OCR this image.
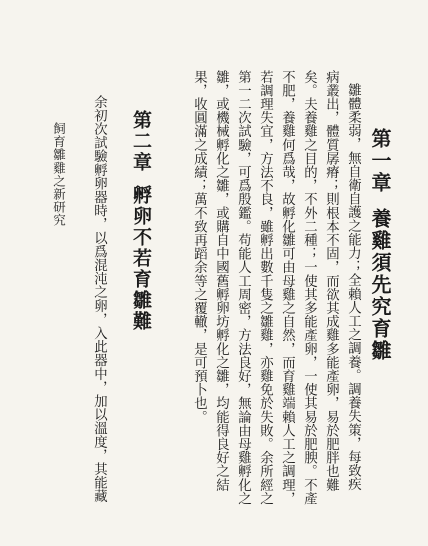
第一章養雞須先究育雛
雛體柔弱，無自衛自護之能力；全賴人工之調養。調養失策，每致疾
病叢出，體質孱瘠；則根本不固，而欲其成雞多能產卵，易於肥胖也難
矣。夫養雞之目的，不外二種；一使其多能產卵，一使其易於肥腴。不產
不肥，養雞何爲哉，故孵化雛可由母雞之自然，而育雞端賴人工之調理，
若調理失宜，方法不良，雖孵出數千隻之雛雞，亦雞免於失敗。余所經之
第一二次試驗，可爲殷鑑。苟能人工周密，方法良好，無論由母雞孵化之
雛，或機械孵化之雛，或購自中國舊孵卵坊孵化之雛，均能得良好之結
果，收圓滿之成績；萬不致再蹈余等之覆轍，是可預卜也。
第二章孵卵不若育雛難
余初次試驗孵卵器時，以爲混沌之卵，入此器中，加以溫度，其能藏
飼育雛雞之新研究
